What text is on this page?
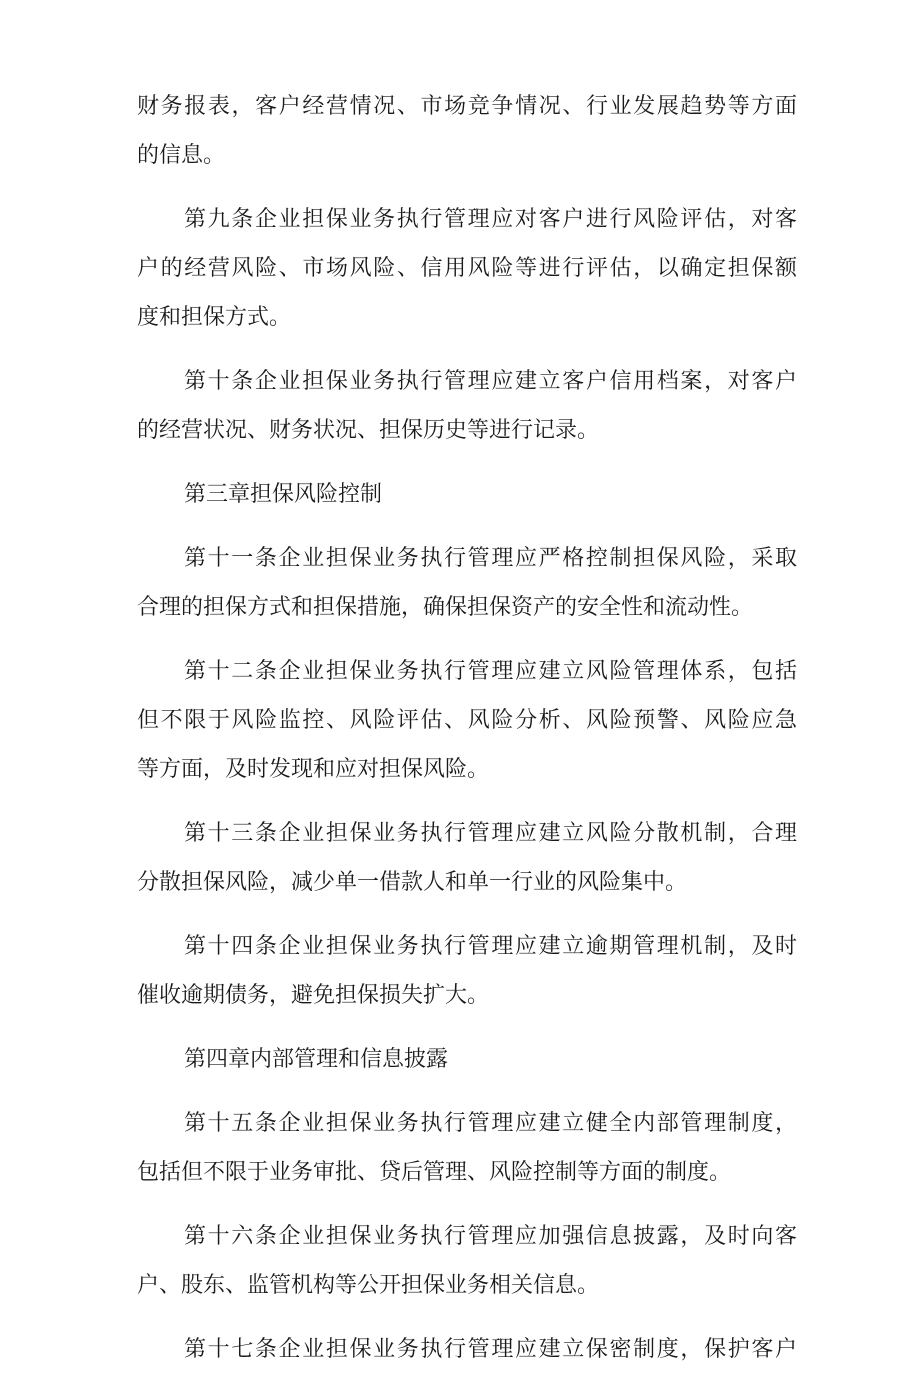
财务报表，客户经营情况、市场竞争情况、行业发展趋势等方面
的信息。
第九条企业担保业务执行管理应对客户进行风险评估，对客
户的经营风险、市场风险、信用风险等进行评估，以确定担保额
度和担保方式。
第十条企业担保业务执行管理应建立客户信用档案，对客户
的经营状况、财务状况、担保历史等进行记录。
第三章担保风险控制
第十一条企业担保业务执行管理应严格控制担保风险，采取
合理的担保方式和担保措施，确保担保资产的安全性和流动性。
第十二条企业担保业务执行管理应建立风险管理体系，包括
但不限于风险监控、风险评估、风险分析、风险预警、风险应急
等方面，及时发现和应对担保风险。
第十三条企业担保业务执行管理应建立风险分散机制，合理
分散担保风险，减少单一借款人和单一行业的风险集中。
第十四条企业担保业务执行管理应建立逾期管理机制，及时
催收逾期债务，避免担保损失扩大。
第四章内部管理和信息披露
第十五条企业担保业务执行管理应建立健全内部管理制度，
包括但不限于业务审批、贷后管理、风险控制等方面的制度。
第十六条企业担保业务执行管理应加强信息披露，及时向客
户、股东、监管机构等公开担保业务相关信息。
第十七条企业担保业务执行管理应建立保密制度，保护客户
